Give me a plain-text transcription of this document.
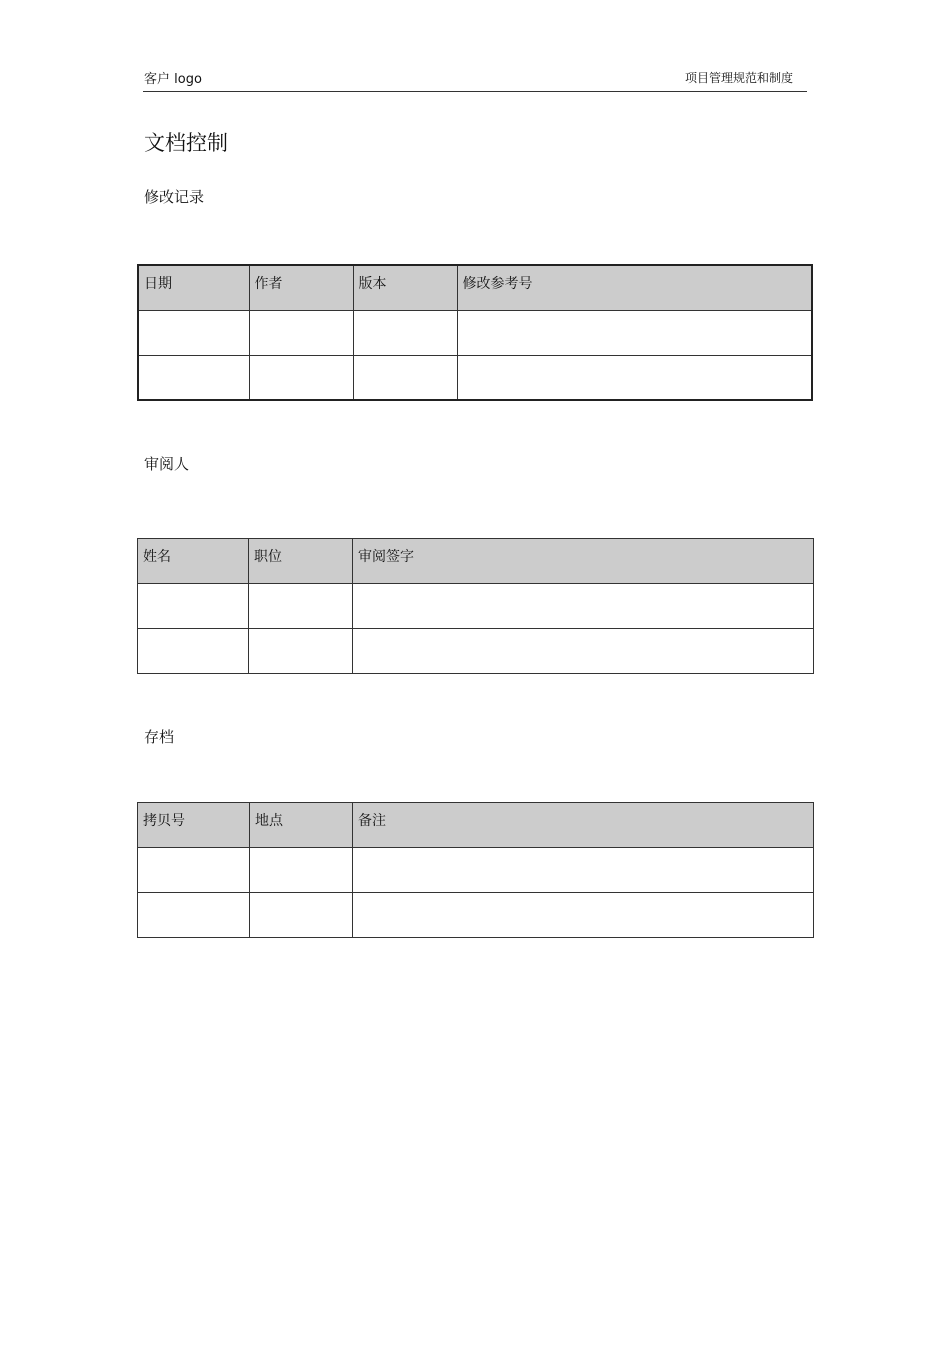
客户 logo	项目管理规范和制度
文档控制
修改记录
日期	作者	版本	修改参考号

审阅人
姓名	职位	审阅签字

存档
拷贝号	地点	备注
